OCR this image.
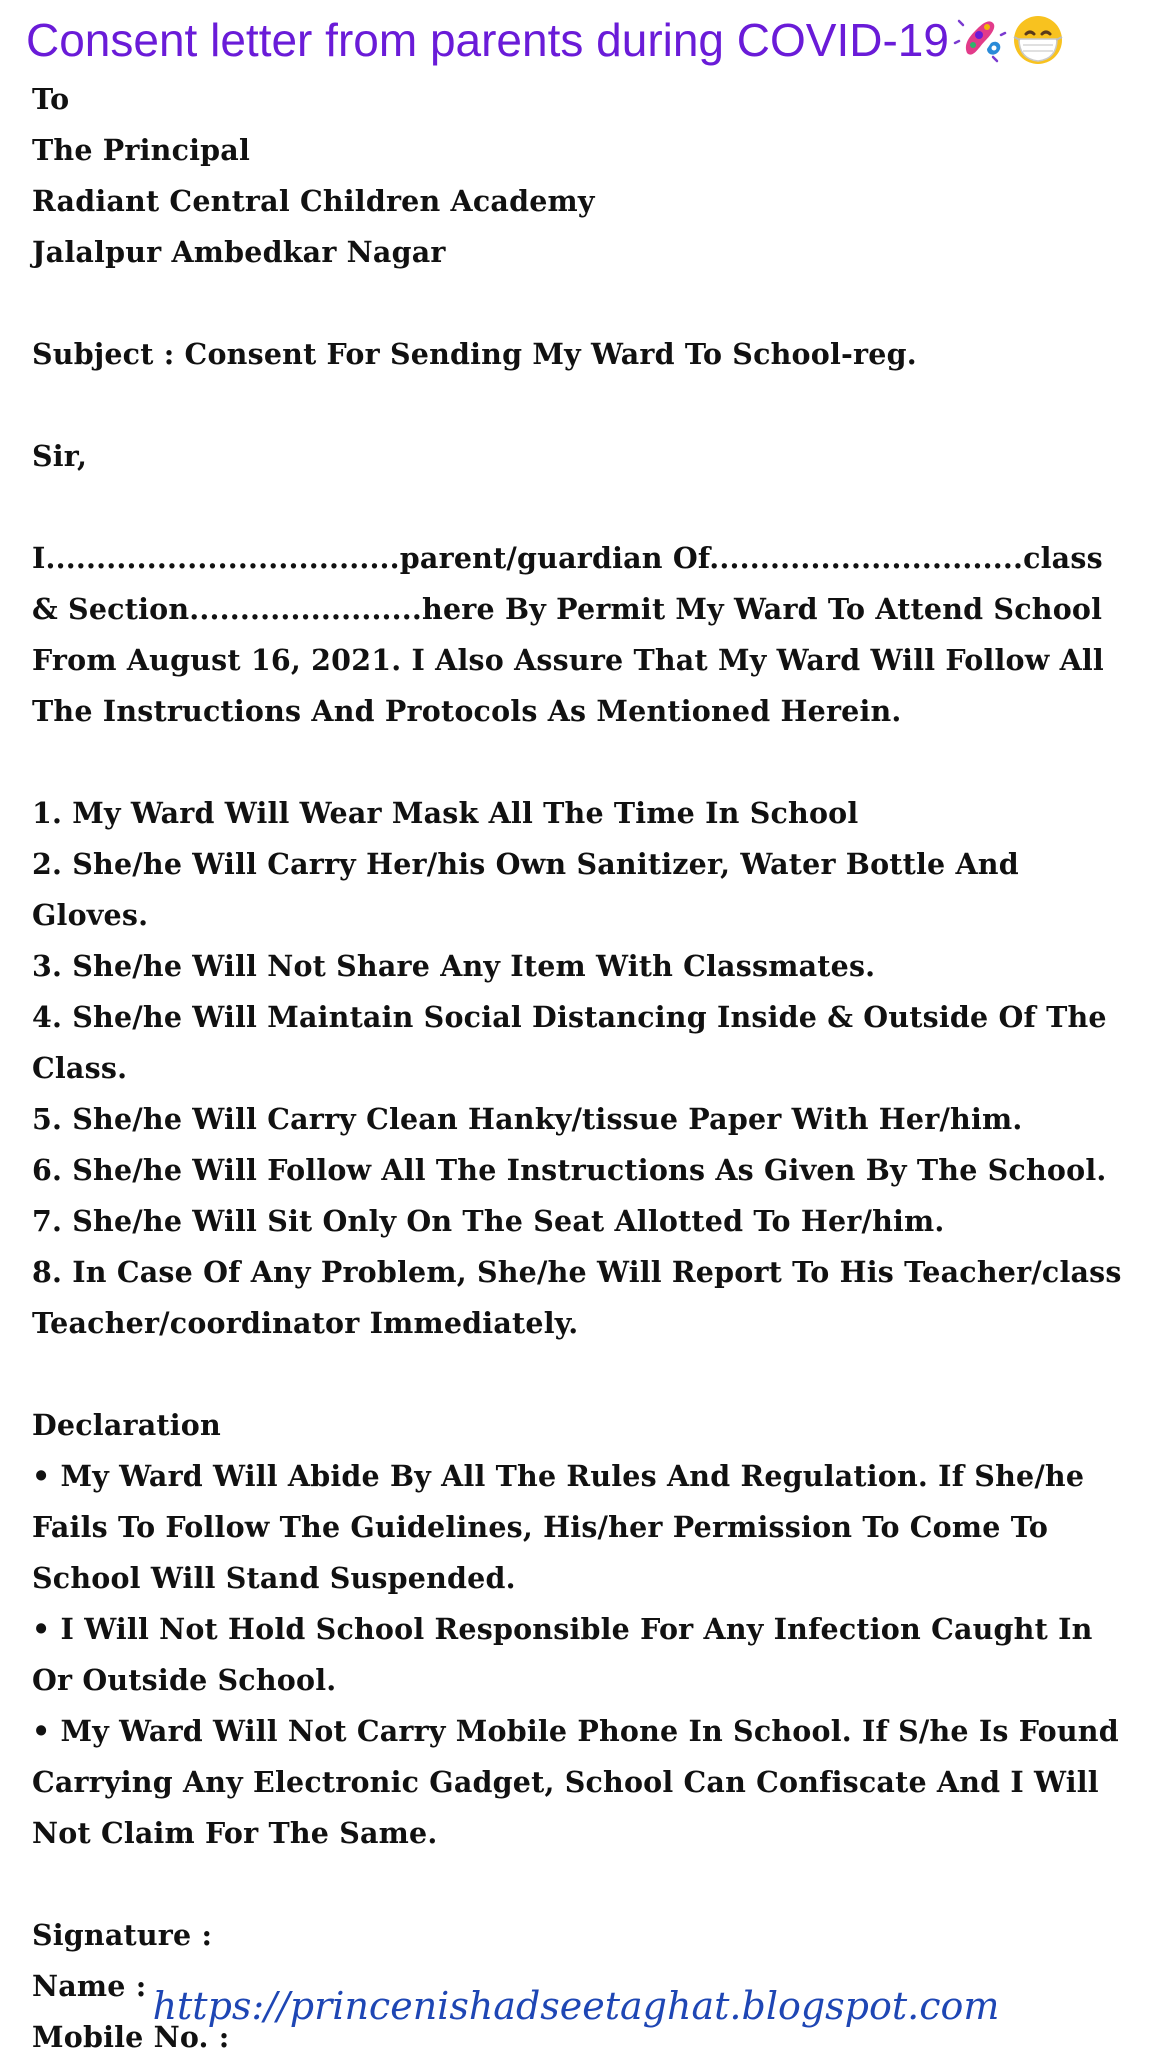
Consent letter from parents during COVID-19
To
The Principal
Radiant Central Children Academy
Jalalpur Ambedkar Nagar
Subject : Consent For Sending My Ward To School-reg.
Sir,
I...................................parent/guardian Of...............................class & Section.......................here By Permit My Ward To Attend School From August 16, 2021. I Also Assure That My Ward Will Follow All The Instructions And Protocols As Mentioned Herein.
1. My Ward Will Wear Mask All The Time In School
2. She/he Will Carry Her/his Own Sanitizer, Water Bottle And Gloves.
3. She/he Will Not Share Any Item With Classmates.
4. She/he Will Maintain Social Distancing Inside & Outside Of The Class.
5. She/he Will Carry Clean Hanky/tissue Paper With Her/him.
6. She/he Will Follow All The Instructions As Given By The School.
7. She/he Will Sit Only On The Seat Allotted To Her/him.
8. In Case Of Any Problem, She/he Will Report To His Teacher/class Teacher/coordinator Immediately.
Declaration
• My Ward Will Abide By All The Rules And Regulation. If She/he Fails To Follow The Guidelines, His/her Permission To Come To School Will Stand Suspended.
• I Will Not Hold School Responsible For Any Infection Caught In Or Outside School.
• My Ward Will Not Carry Mobile Phone In School. If S/he Is Found Carrying Any Electronic Gadget, School Can Confiscate And I Will Not Claim For The Same.
Signature :
Name :
Mobile No. :
https://princenishadseetaghat.blogspot.com
